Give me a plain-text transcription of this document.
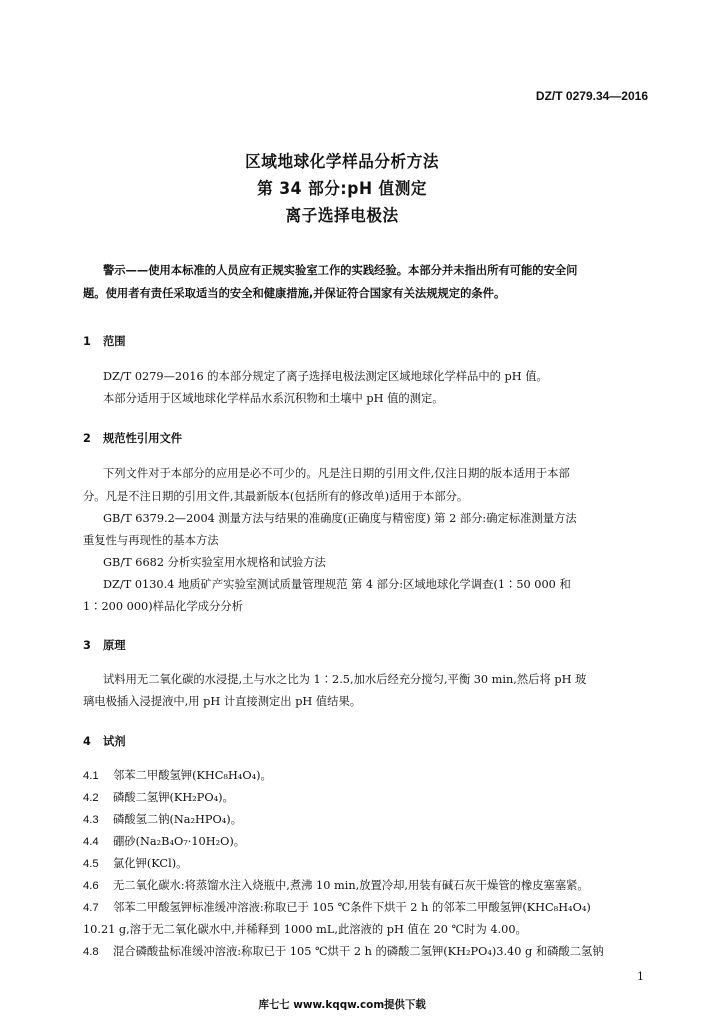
DZ/T 0279.34—2016
区域地球化学样品分析方法
第 34 部分:pH 值测定
离子选择电极法
警示——使用本标准的人员应有正规实验室工作的实践经验。本部分并未指出所有可能的安全问
题。使用者有责任采取适当的安全和健康措施,并保证符合国家有关法规规定的条件。
1 范围
DZ/T 0279—2016 的本部分规定了离子选择电极法测定区域地球化学样品中的 pH 值。
本部分适用于区域地球化学样品水系沉积物和土壤中 pH 值的测定。
2 规范性引用文件
下列文件对于本部分的应用是必不可少的。凡是注日期的引用文件,仅注日期的版本适用于本部
分。凡是不注日期的引用文件,其最新版本(包括所有的修改单)适用于本部分。
GB/T 6379.2—2004 测量方法与结果的准确度(正确度与精密度) 第 2 部分:确定标准测量方法
重复性与再现性的基本方法
GB/T 6682 分析实验室用水规格和试验方法
DZ/T 0130.4 地质矿产实验室测试质量管理规范 第 4 部分:区域地球化学调查(1∶50 000 和
1∶200 000)样品化学成分分析
3 原理
试料用无二氧化碳的水浸提,土与水之比为 1∶2.5,加水后经充分搅匀,平衡 30 min,然后将 pH 玻
璃电极插入浸提液中,用 pH 计直接测定出 pH 值结果。
4 试剂
4.1 邻苯二甲酸氢钾(KHC₈H₄O₄)。
4.2 磷酸二氢钾(KH₂PO₄)。
4.3 磷酸氢二钠(Na₂HPO₄)。
4.4 硼砂(Na₂B₄O₇·10H₂O)。
4.5 氯化钾(KCl)。
4.6 无二氧化碳水:将蒸馏水注入烧瓶中,煮沸 10 min,放置冷却,用装有碱石灰干燥管的橡皮塞塞紧。
4.7 邻苯二甲酸氢钾标准缓冲溶液:称取已于 105 ℃条件下烘干 2 h 的邻苯二甲酸氢钾(KHC₈H₄O₄)
10.21 g,溶于无二氧化碳水中,并稀释到 1000 mL,此溶液的 pH 值在 20 ℃时为 4.00。
4.8 混合磷酸盐标准缓冲溶液:称取已于 105 ℃烘干 2 h 的磷酸二氢钾(KH₂PO₄)3.40 g 和磷酸二氢钠
1
库七七 www.kqqw.com提供下载
